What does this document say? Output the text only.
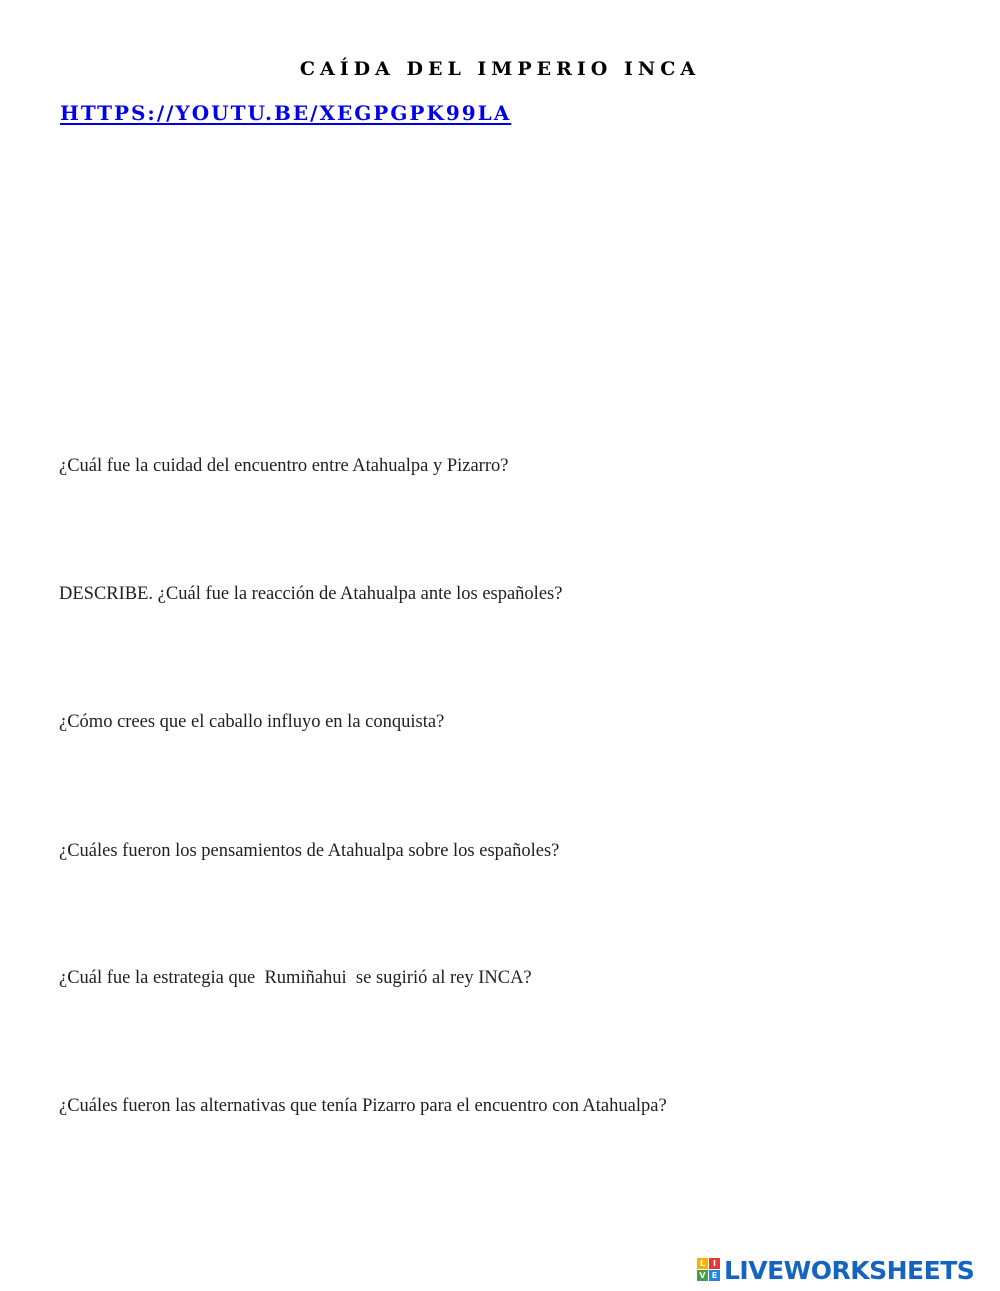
CAÍDA DEL IMPERIO INCA
HTTPS://YOUTU.BE/XEGPGPK99LA
¿Cuál fue la cuidad del encuentro entre Atahualpa y Pizarro?
DESCRIBE. ¿Cuál fue la reacción de Atahualpa ante los españoles?
¿Cómo crees que el caballo influyo en la conquista?
¿Cuáles fueron los pensamientos de Atahualpa sobre los españoles?
¿Cuál fue la estrategia que  Rumiñahui  se sugirió al rey INCA?
¿Cuáles fueron las alternativas que tenía Pizarro para el encuentro con Atahualpa?
L I
V E LIVEWORKSHEETS
